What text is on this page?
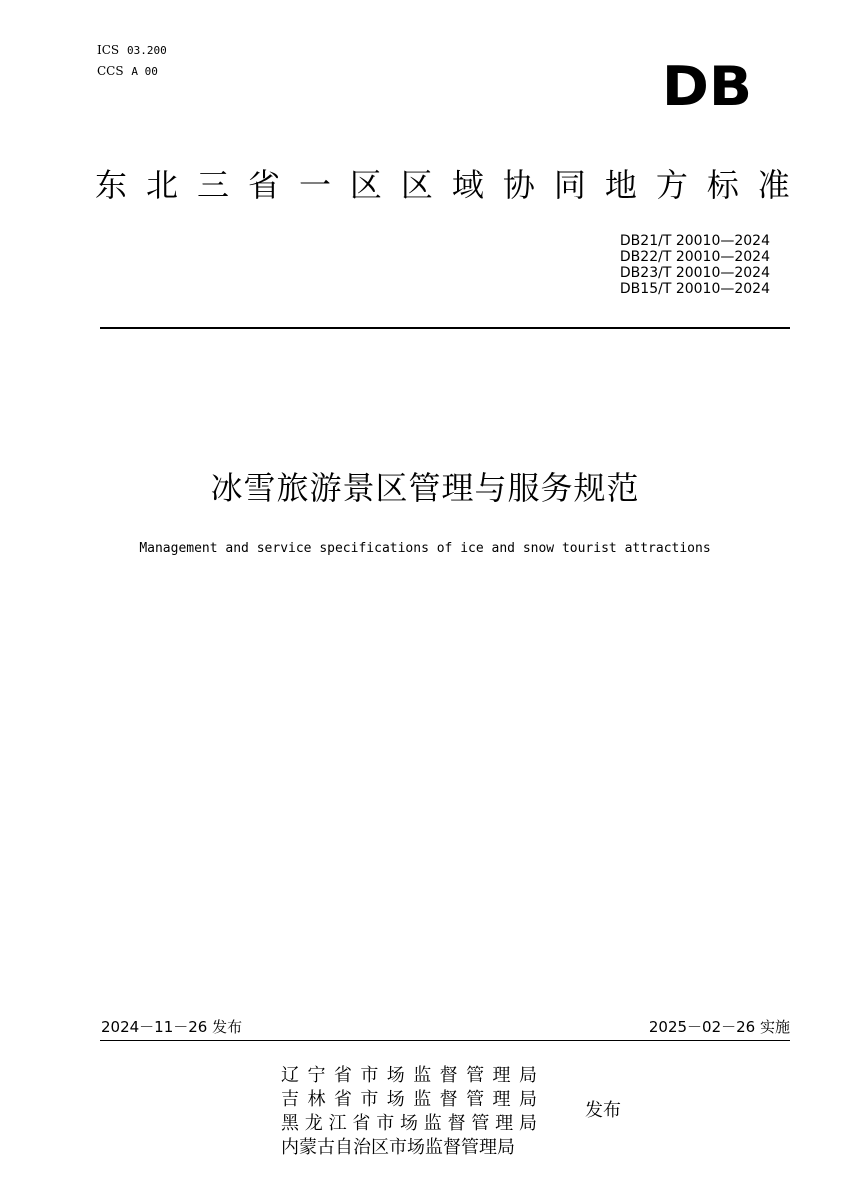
ICS 03.200
CCS A 00	DB
东 北 三 省 一 区 区 域 协 同 地 方 标 准
DB21/T 20010—2024
DB22/T 20010—2024
DB23/T 20010—2024
DB15/T 20010—2024
冰雪旅游景区管理与服务规范
Management and service specifications of ice and snow tourist attractions
2024－11－26 发布	2025－02－26 实施
辽 宁 省 市 场 监 督 管 理 局
吉 林 省 市 场 监 督 管 理 局
黑 龙 江 省 市 场 监 督 管 理 局
内蒙古自治区市场监督管理局
发布
